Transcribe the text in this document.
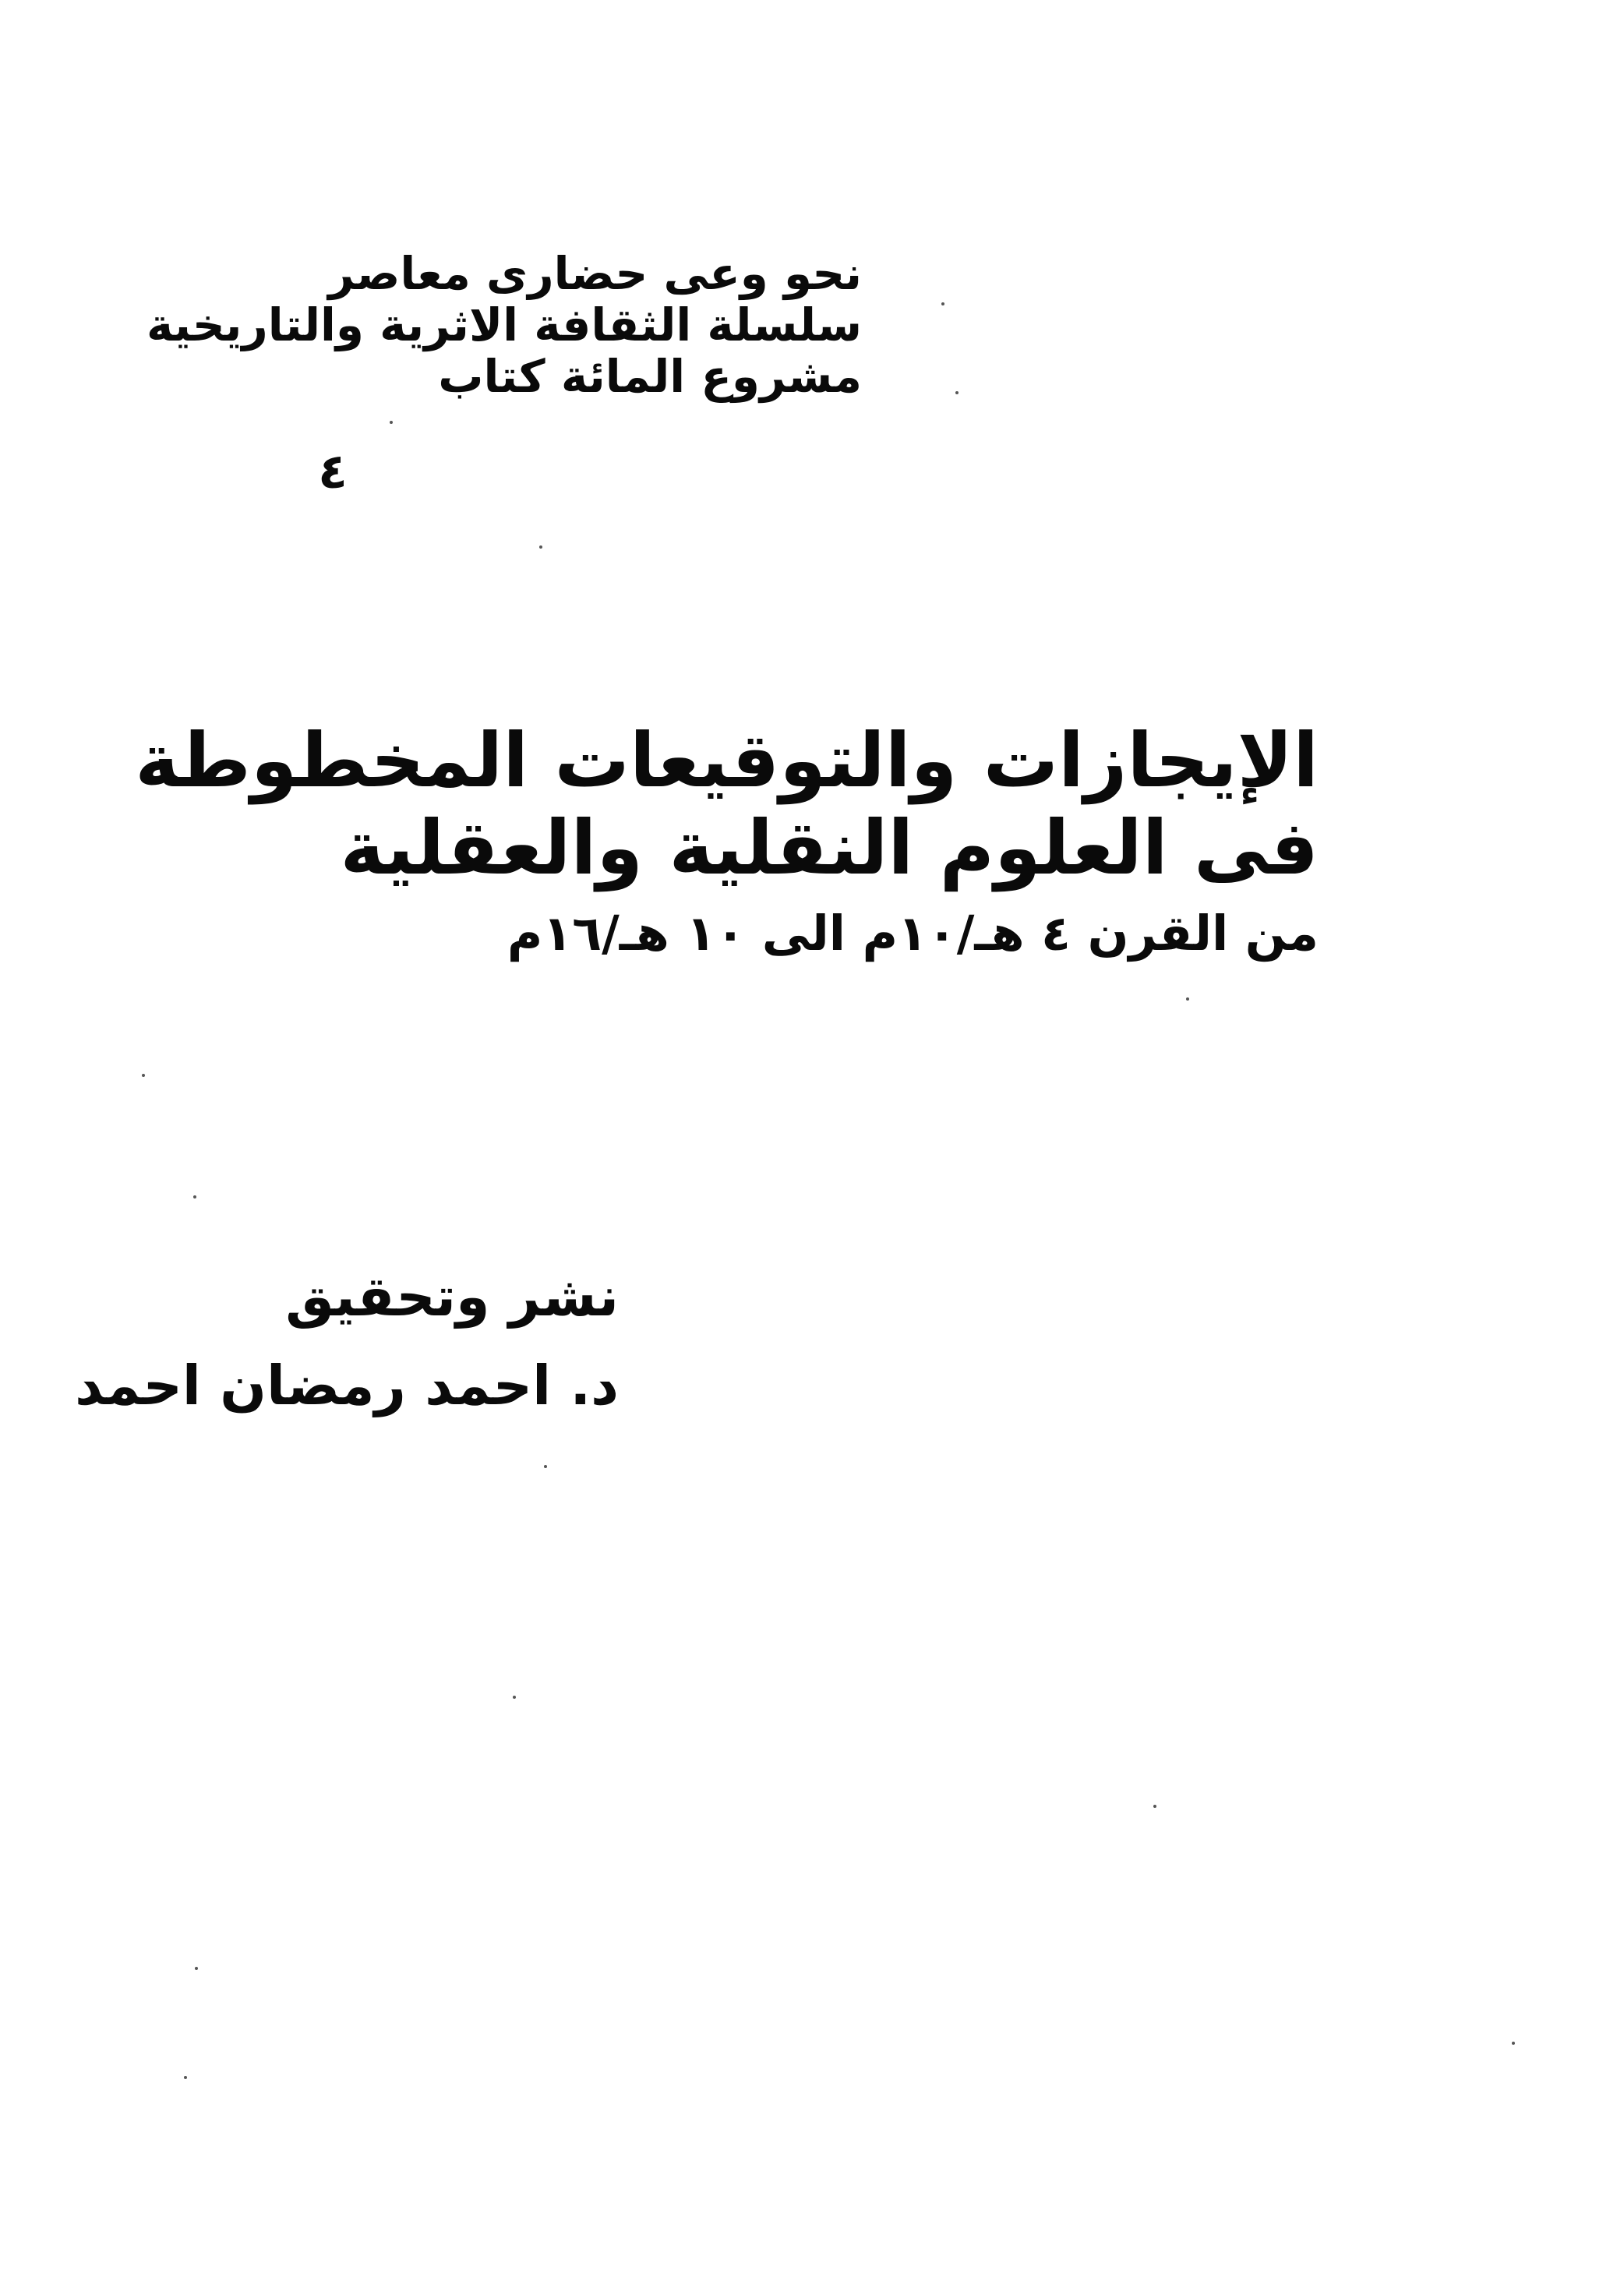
نحو وعى حضارى معاصر
سلسلة الثقافة الاثرية والتاريخية
مشروع المائة كتاب
٤
الإيجازات والتوقيعات المخطوطة
فى العلوم النقلية والعقلية
من القرن ٤ هـ/١٠م الى ١٠ هـ/١٦م
نشر وتحقيق
د. احمد رمضان احمد
